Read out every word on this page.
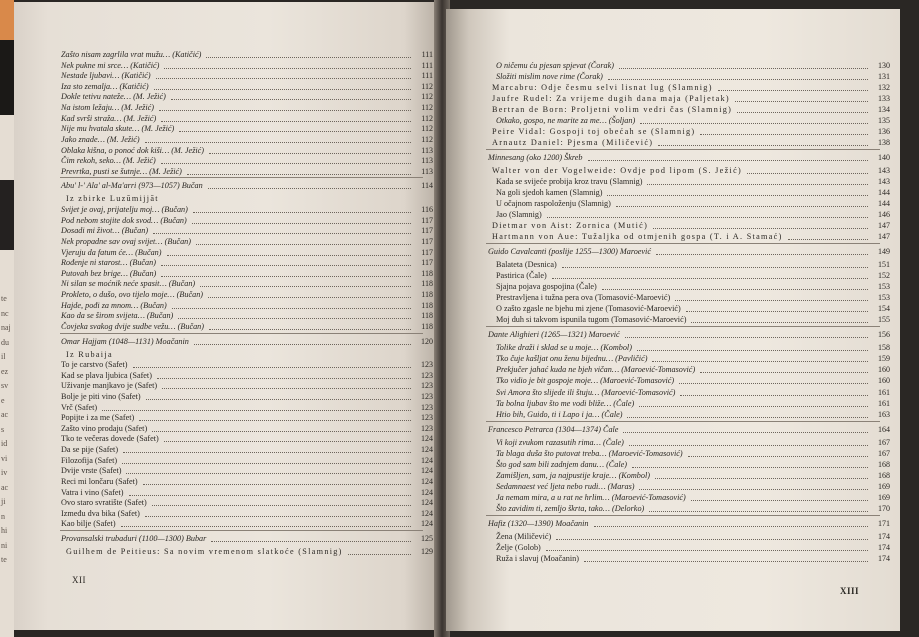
te
nc
naj
du
il
ez
sv
e
ac
s
id
vi
iv
ac
ji
n
hi
ni
te
Zašto nisam zagrlila vrat mužu… (Katičić)	111
Nek pukne mi srce… (Katičić)	111
Nestade ljubavi… (Katičić)	111
Iza sto zemalja… (Katičić)	112
Dokle tetivu nateže… (M. Ježić)	112
Na istom ležaju… (M. Ježić)	112
Kad svrši straža… (M. Ježić)	112
Nije mu hvatala skute… (M. Ježić)	112
Jako znade… (M. Ježić)	112
Oblaka kišna, o ponoć dok kiši… (M. Ježić)	113
Čim rekoh, seko… (M. Ježić)	113
Prevrtka, pusti se šutnje… (M. Ježić)	113
Abu' l-' Ala' al-Ma'arri (973—1057) Bučan	114
Iz zbirke Luzūmijjāt
Svijet je ovaj, prijatelju moj… (Bučan)	116
Pod nebom stojite dok svod… (Bučan)	117
Dosadi mi život… (Bučan)	117
Nek propadne sav ovaj svijet… (Bučan)	117
Vjeruju da fatum će… (Bučan)	117
Rođenje ni starost… (Bučan)	117
Putovah bez brige… (Bučan)	118
Ni silan se moćnik neće spasit… (Bučan)	118
Prokleto, o dušo, ovo tijelo moje… (Bučan)	118
Hajde, pođi za mnom… (Bučan)	118
Kao da se širom svijeta… (Bučan)	118
Čovjeka svakog dvije sudbe vežu… (Bučan)	118
Omar Hajjam (1048—1131) Moačanin	120
Iz Rubaija
To je carstvo (Safet)	123
Kad se plava ljubica (Safet)	123
Uživanje manjkavo je (Safet)	123
Bolje je piti vino (Safet)	123
Vrč (Safet)	123
Popijte i za me (Safet)	123
Zašto vino prodaju (Safet)	123
Tko te večeras dovede (Safet)	124
Da se pije (Safet)	124
Filozofija (Safet)	124
Dvije vrste (Safet)	124
Reci mi lončaru (Safet)	124
Vatra i vino (Safet)	124
Ovo staro svratište (Safet)	124
Između dva bika (Safet)	124
Kao bilje (Safet)	124
Provansalski trubaduri (1100—1300) Bubar	125
Guilhem de Peitieus: Sa novim vremenom slatkoće (Slamnig)	129
XII
O ničemu ću pjesan spjevat (Čorak)	130
Složiti mislim nove rime (Čorak)	131
Marcabru: Odje česmu selvi lisnat lug (Slamnig)	132
Jaufre Rudel: Za vrijeme dugih dana maja (Paljetak)	133
Bertran de Born: Proljetni volim vedri čas (Slamnig)	134
Otkako, gospo, ne marite za me… (Šoljan)	135
Peire Vidal: Gospoji toj obećah se (Slamnig)	136
Arnautz Daniel: Pjesma (Miličević)	138
Minnesang (oko 1200) Škreb	140
Walter von der Vogelweide: Ovdje pod lipom (S. Ježić)	143
Kada se svijeće probija kroz travu (Slamnig)	143
Na goli sjedoh kamen (Slamnig)	144
U očajnom raspoloženju (Slamnig)	144
Jao (Slamnig)	146
Dietmar von Aist: Zornica (Mutić)	147
Hartmann von Aue: Tužaljka od otmjenih gospa (T. i A. Stamać)	147
Guido Cavalcanti (poslije 1255—1300) Maroević	149
Balateta (Desnica)	151
Pastirica (Čale)	152
Sjajna pojava gospojina (Čale)	153
Prestravljena i tužna pera ova (Tomasović-Maroević)	153
O zašto zgasle ne bjehu mi zjene (Tomasović-Maroević)	154
Moj duh si takvom ispunila tugom (Tomasović-Maroević)	155
Dante Alighieri (1265—1321) Maroević	156
Tolike draži i sklad se u moje… (Kombol)	158
Tko čuje kašljat onu ženu bijednu… (Pavličić)	159
Prekjučer jahać kuda ne bjeh vičan… (Maroević-Tomasović)	160
Tko vidio je bit gospoje moje… (Maroević-Tomasović)	160
Svi Amora što slijede ili štuju… (Maroević-Tomasović)	161
Ta bolna ljubav što me vodi bliže… (Čale)	161
Htio bih, Guido, ti i Lapo i ja… (Čale)	163
Francesco Petrarca (1304—1374) Čale	164
Vi koji zvukom razasutih rima… (Čale)	167
Ta blaga duša što putovat treba… (Maroević-Tomasović)	167
Što god sam bili zadnjem danu… (Čale)	168
Zamišljen, sam, ja najpustije kraje… (Kombol)	168
Sedamnaest već ljeta nebo rudi… (Maras)	169
Ja nemam mira, a u rat ne hrlim… (Maroević-Tomasović)	169
Što zavidim ti, zemljo škrta, tako… (Delorko)	170
Hafiz (1320—1390) Moačanin	171
Žena (Miličević)	174
Želje (Golob)	174
Ruža i slavuj (Moačanin)	174
XIII
